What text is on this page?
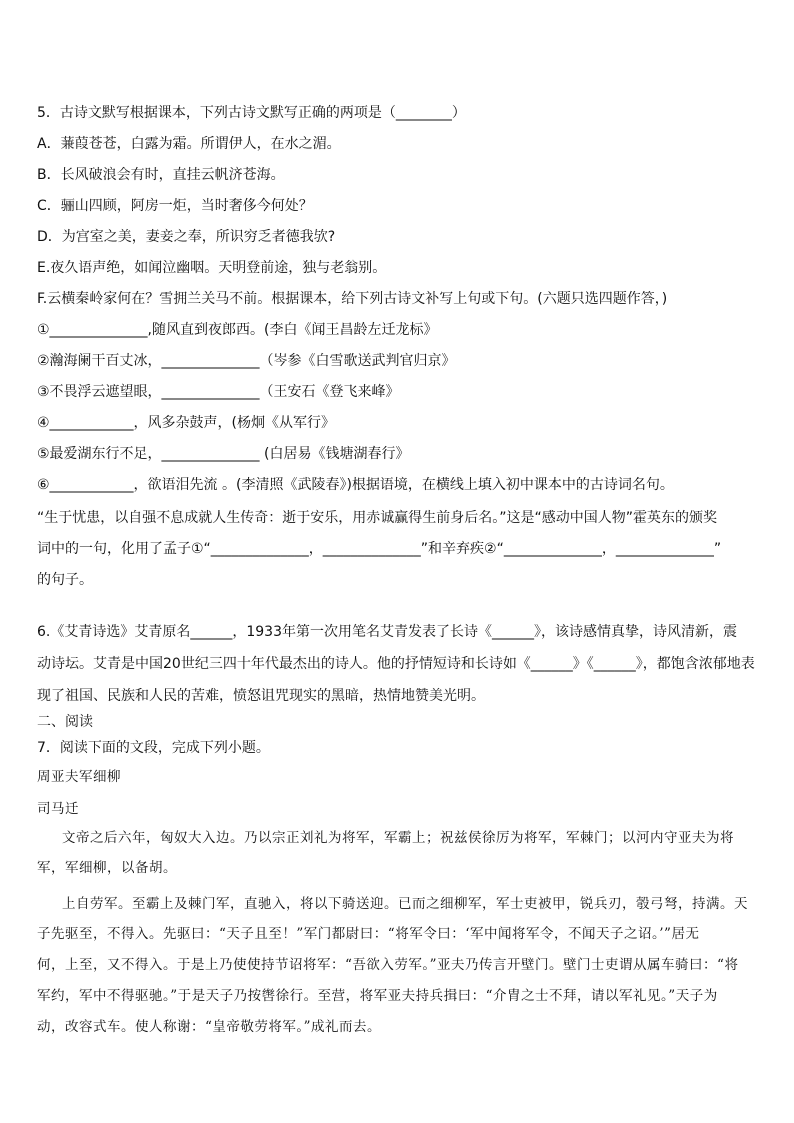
5．古诗文默写根据课本，下列古诗文默写正确的两项是（________）
A．蒹葭苍苍，白露为霜。所谓伊人，在水之湄。
B．长风破浪会有时，直挂云帆济苍海。
C．骊山四顾，阿房一炬，当时奢侈今何处？
D．为宫室之美，妻妾之奉，所识穷乏者德我欤?
E.夜久语声绝，如闻泣幽咽。天明登前途，独与老翁别。
F.云横秦岭家何在？雪拥兰关马不前。根据课本，给下列古诗文补写上句或下句。(六题只选四题作答，)
①______________,随风直到夜郎西。(李白《闻王昌龄左迁龙标》
②瀚海阑干百丈冰，______________（岑参《白雪歌送武判官归京》
③不畏浮云遮望眼，______________（王安石《登飞来峰》
④____________，风多杂鼓声，(杨炯《从军行》
⑤最爱湖东行不足，______________ (白居易《钱塘湖春行》
⑥____________，欲语泪先流 。(李清照《武陵春》)根据语境，在横线上填入初中课本中的古诗词名句。
“生于忧患，以自强不息成就人生传奇：逝于安乐，用赤诚赢得生前身后名。”这是“感动中国人物”霍英东的颁奖
词中的一句，化用了孟子①“______________，______________”和辛弃疾②“______________，______________”
的句子。
6.《艾青诗选》艾青原名______，1933年第一次用笔名艾青发表了长诗《______》，该诗感情真挚，诗风清新，震
动诗坛。艾青是中国20世纪三四十年代最杰出的诗人。他的抒情短诗和长诗如《______》《______》，都饱含浓郁地表
现了祖国、民族和人民的苦难，愤怒诅咒现实的黑暗，热情地赞美光明。
二、阅读
7．阅读下面的文段，完成下列小题。
周亚夫军细柳
司马迁
文帝之后六年，匈奴大入边。乃以宗正刘礼为将军，军霸上；祝兹侯徐厉为将军，军棘门；以河内守亚夫为将
军，军细柳，以备胡。
上自劳军。至霸上及棘门军，直驰入，将以下骑送迎。已而之细柳军，军士吏被甲，锐兵刃，彀弓弩，持满。天
子先驱至，不得入。先驱曰：“天子且至！”军门都尉曰：“将军令曰：‘军中闻将军令，不闻天子之诏。’”居无
何，上至，又不得入。于是上乃使使持节诏将军：“吾欲入劳军。”亚夫乃传言开壁门。壁门士吏谓从属车骑曰：“将
军约，军中不得驱驰。”于是天子乃按辔徐行。至营，将军亚夫持兵揖曰：“介胄之士不拜，请以军礼见。”天子为
动，改容式车。使人称谢：“皇帝敬劳将军。”成礼而去。
